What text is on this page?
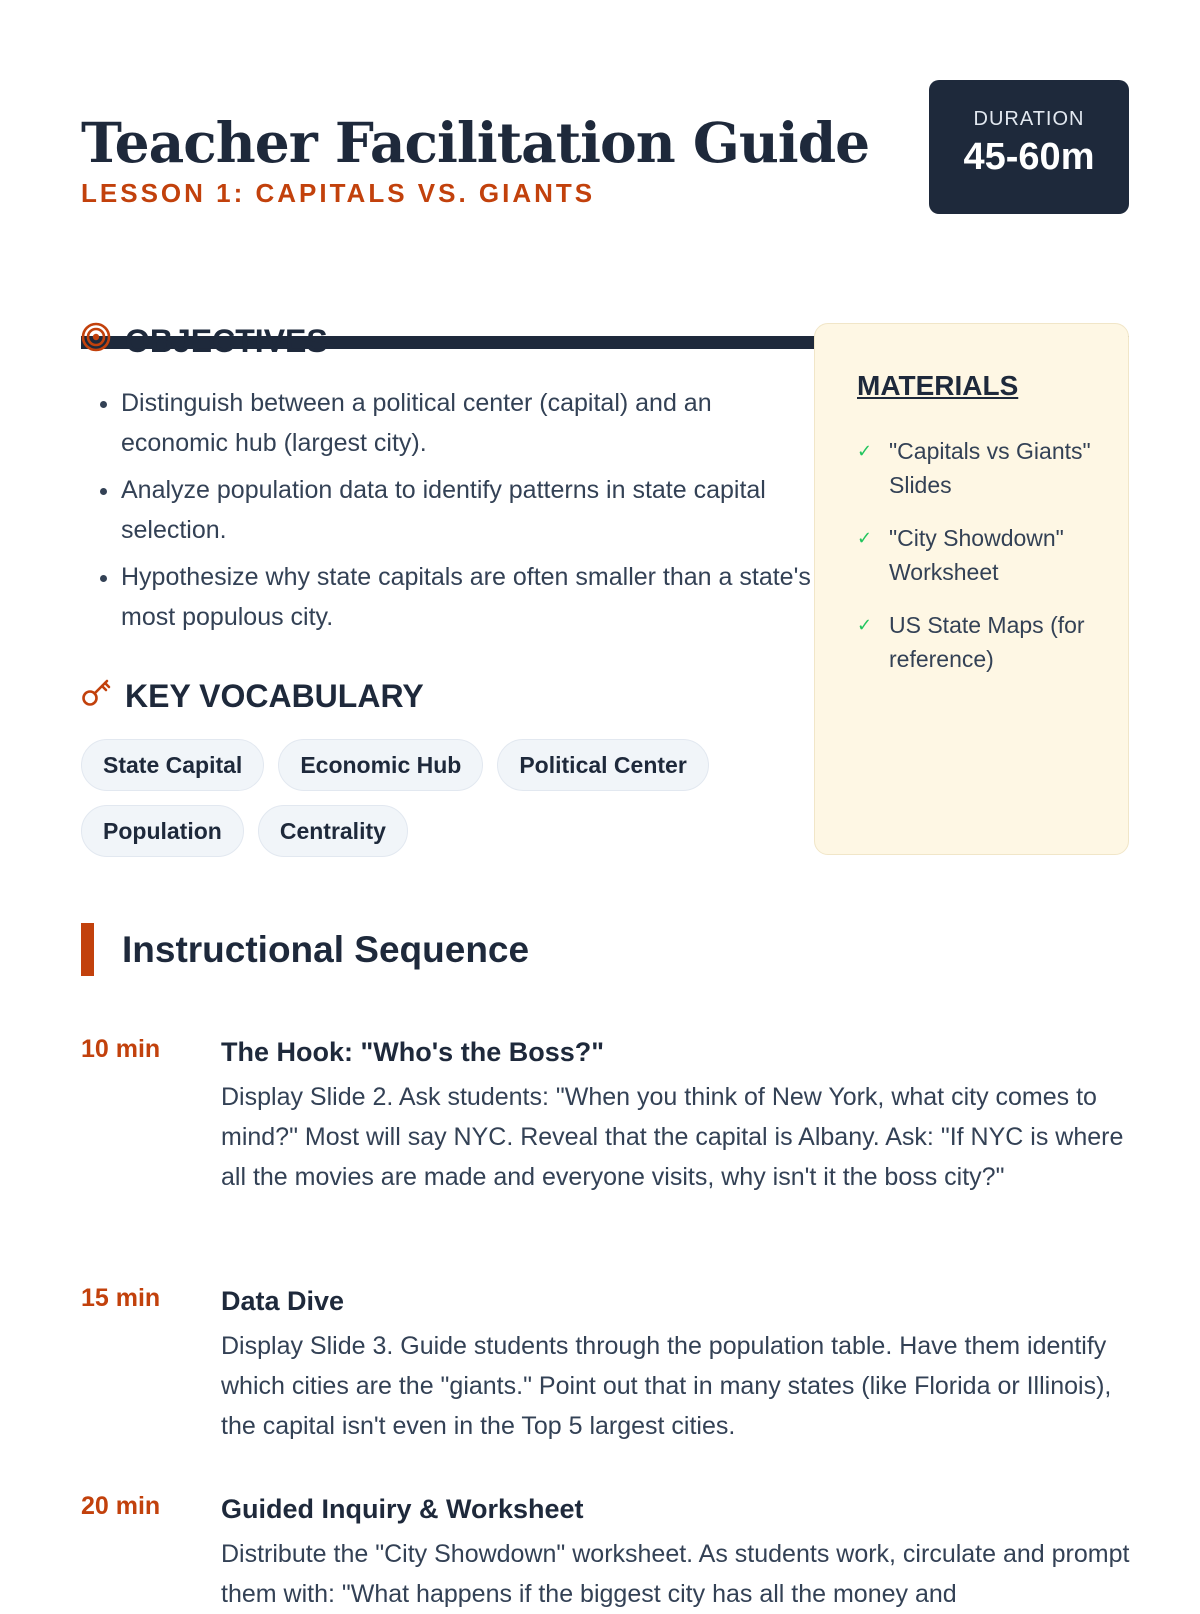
Teacher Facilitation Guide
LESSON 1: CAPITALS VS. GIANTS
DURATION
45-60m
OBJECTIVES
• Distinguish between a political center (capital) and an economic hub (largest city).
• Analyze population data to identify patterns in state capital selection.
• Hypothesize why state capitals are often smaller than a state's most populous city.
KEY VOCABULARY
State Capital	Economic Hub	Political Center
Population	Centrality
MATERIALS
✓ "Capitals vs Giants" Slides
✓ "City Showdown" Worksheet
✓ US State Maps (for reference)
Instructional Sequence
10 min The Hook: "Who's the Boss?"

Display Slide 2. Ask students: "When you think of New York, what city comes to mind?" Most will say NYC. Reveal that the capital is Albany. Ask: "If NYC is where all the movies are made and everyone visits, why isn't it the boss city?"

15 min Data Dive

Display Slide 3. Guide students through the population table. Have them identify which cities are the "giants." Point out that in many states (like Florida or Illinois), the capital isn't even in the Top 5 largest cities.

20 min Guided Inquiry & Worksheet

Distribute the "City Showdown" worksheet. As students work, circulate and prompt them with: "What happens if the biggest city has all the money and
